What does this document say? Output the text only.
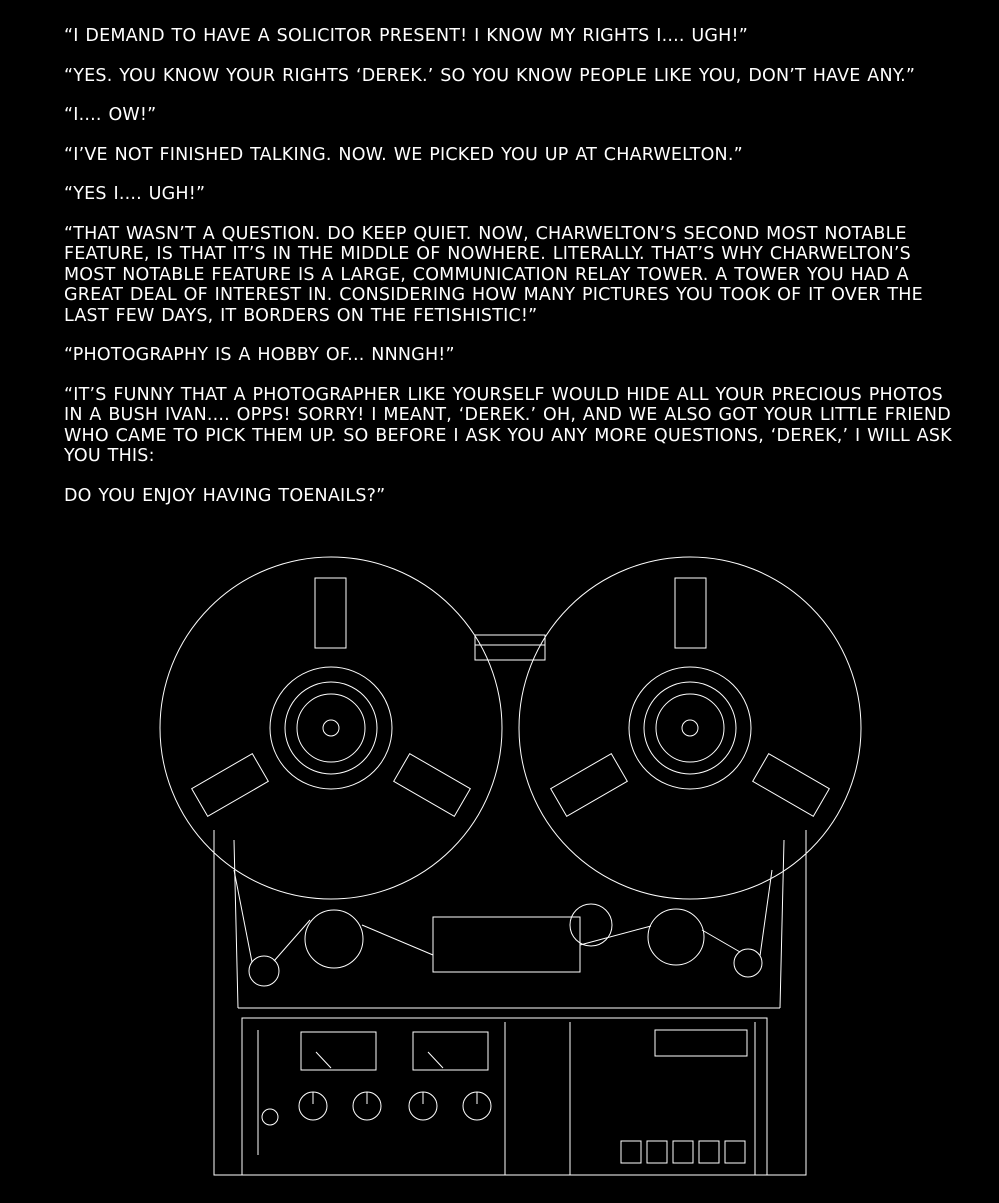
“I DEMAND TO HAVE A SOLICITOR PRESENT! I KNOW MY RIGHTS I.... UGH!”

“YES. YOU KNOW YOUR RIGHTS ‘DEREK.’ SO YOU KNOW PEOPLE LIKE YOU, DON’T HAVE ANY.”

“I.... OW!”

“I’VE NOT FINISHED TALKING. NOW. WE PICKED YOU UP AT CHARWELTON.”

“YES I.... UGH!”

“THAT WASN’T A QUESTION. DO KEEP QUIET. NOW, CHARWELTON’S SECOND MOST NOTABLE FEATURE, IS THAT IT’S IN THE MIDDLE OF NOWHERE. LITERALLY. THAT’S WHY CHARWELTON’S MOST NOTABLE FEATURE IS A LARGE, COMMUNICATION RELAY TOWER. A TOWER YOU HAD A GREAT DEAL OF INTEREST IN. CONSIDERING HOW MANY PICTURES YOU TOOK OF IT OVER THE LAST FEW DAYS, IT BORDERS ON THE FETISHISTIC!”

“PHOTOGRAPHY IS A HOBBY OF... NNNGH!”

“IT’S FUNNY THAT A PHOTOGRAPHER LIKE YOURSELF WOULD HIDE ALL YOUR PRECIOUS PHOTOS IN A BUSH IVAN.... OPPS! SORRY! I MEANT, ‘DEREK.’ OH, AND WE ALSO GOT YOUR LITTLE FRIEND WHO CAME TO PICK THEM UP. SO BEFORE I ASK YOU ANY MORE QUESTIONS, ‘DEREK,’ I WILL ASK YOU THIS:

DO YOU ENJOY HAVING TOENAILS?”
